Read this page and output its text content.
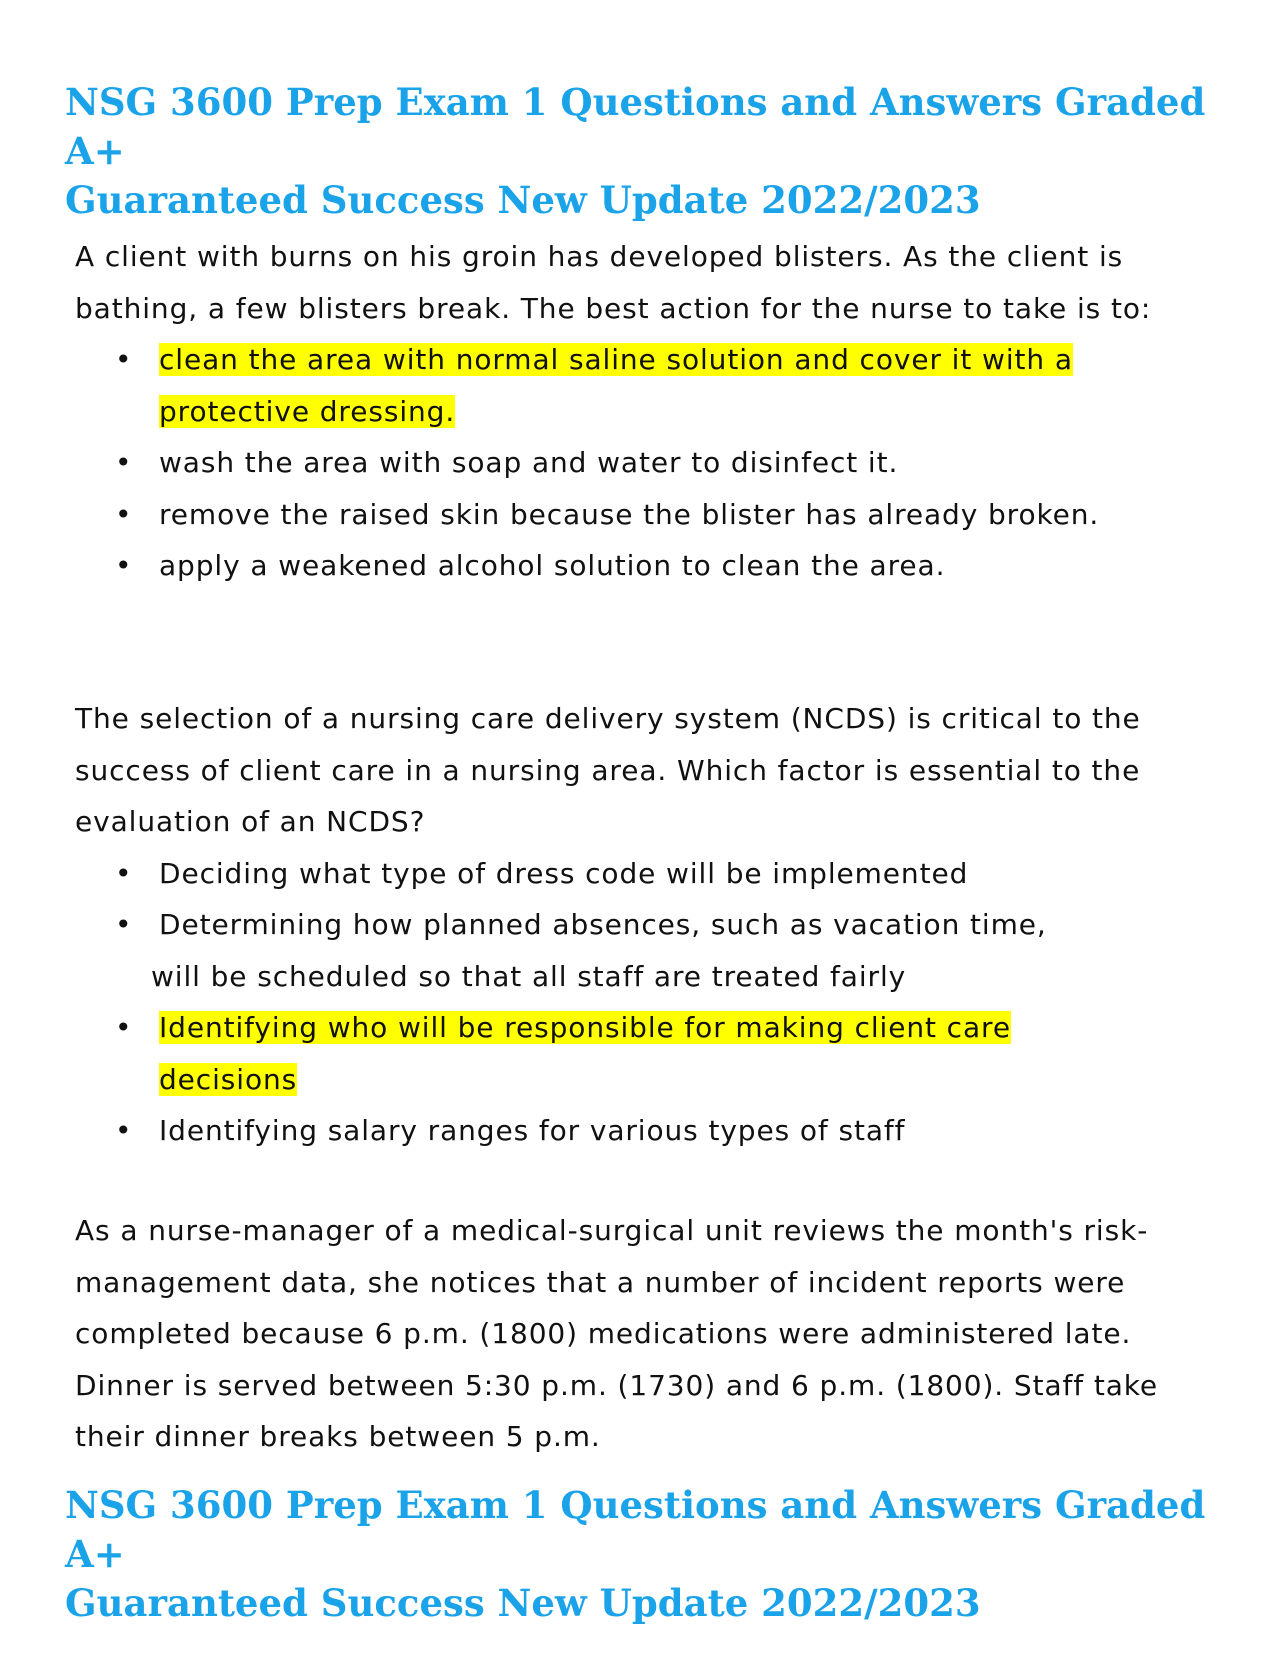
NSG 3600 Prep Exam 1 Questions and Answers Graded A+
Guaranteed Success New Update 2022/2023

A client with burns on his groin has developed blisters. As the client is bathing, a few blisters break. The best action for the nurse to take is to:

• clean the area with normal saline solution and cover it with a
protective dressing.
• wash the area with soap and water to disinfect it.
• remove the raised skin because the blister has already broken.
• apply a weakened alcohol solution to clean the area.

The selection of a nursing care delivery system (NCDS) is critical to the success of client care in a nursing area. Which factor is essential to the evaluation of an NCDS?

• Deciding what type of dress code will be implemented
• Determining how planned absences, such as vacation time,
will be scheduled so that all staff are treated fairly
• Identifying who will be responsible for making client care
decisions
• Identifying salary ranges for various types of staff

As a nurse-manager of a medical-surgical unit reviews the month's risk-management data, she notices that a number of incident reports were completed because 6 p.m. (1800) medications were administered late. Dinner is served between 5:30 p.m. (1730) and 6 p.m. (1800). Staff take their dinner breaks between 5 p.m.

NSG 3600 Prep Exam 1 Questions and Answers Graded A+
Guaranteed Success New Update 2022/2023
